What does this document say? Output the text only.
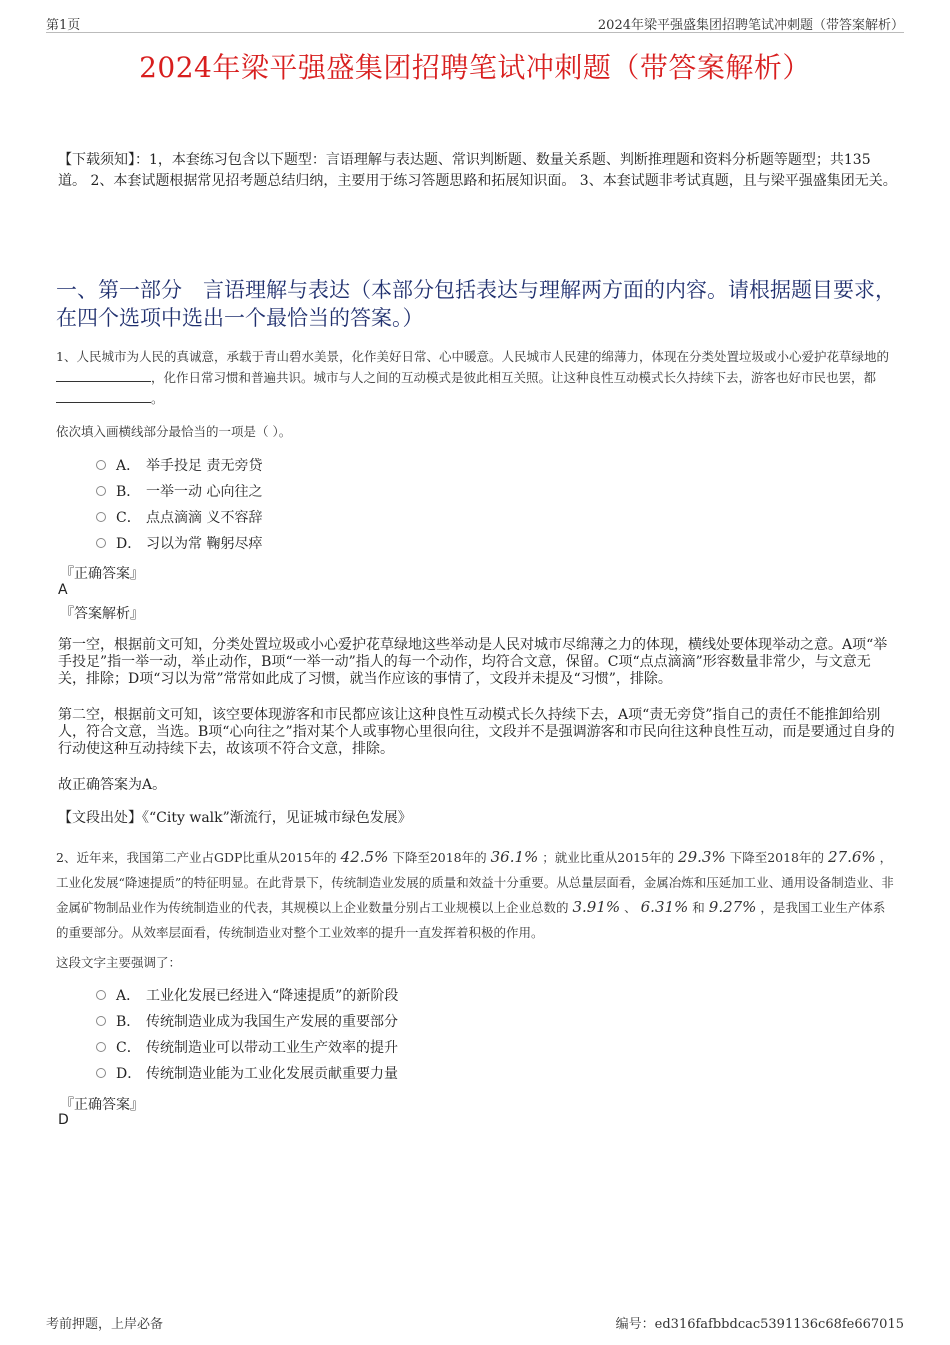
第1页	2024年梁平强盛集团招聘笔试冲刺题（带答案解析）
2024年梁平强盛集团招聘笔试冲刺题（带答案解析）
【下载须知】：1，本套练习包含以下题型：言语理解与表达题、常识判断题、数量关系题、判断推理题和资料分析题等题型；共135道。 2、本套试题根据常见招考题总结归纳，主要用于练习答题思路和拓展知识面。 3、本套试题非考试真题，且与梁平强盛集团无关。
一、第一部分　言语理解与表达（本部分包括表达与理解两方面的内容。请根据题目要求，在四个选项中选出一个最恰当的答案。）
1、人民城市为人民的真诚意，承载于青山碧水美景，化作美好日常、心中暖意。人民城市人民建的绵薄力，体现在分类处置垃圾或小心爱护花草绿地的，化作日常习惯和普遍共识。城市与人之间的互动模式是彼此相互关照。让这种良性互动模式长久持续下去，游客也好市民也罢，都。
依次填入画横线部分最恰当的一项是（ ）。
A． 举手投足 责无旁贷
B． 一举一动 心向往之
C． 点点滴滴 义不容辞
D． 习以为常 鞠躬尽瘁
『正确答案』
A
『答案解析』
第一空，根据前文可知，分类处置垃圾或小心爱护花草绿地这些举动是人民对城市尽绵薄之力的体现，横线处要体现举动之意。A项“举手投足”指一举一动，举止动作，B项“一举一动”指人的每一个动作，均符合文意，保留。C项“点点滴滴”形容数量非常少，与文意无关，排除；D项“习以为常”常常如此成了习惯，就当作应该的事情了，文段并未提及“习惯”，排除。
第二空，根据前文可知，该空要体现游客和市民都应该让这种良性互动模式长久持续下去，A项“责无旁贷”指自己的责任不能推卸给别人，符合文意，当选。B项“心向往之”指对某个人或事物心里很向往，文段并不是强调游客和市民向往这种良性互动，而是要通过自身的行动使这种互动持续下去，故该项不符合文意，排除。
故正确答案为A。
【文段出处】《“City walk”渐流行，见证城市绿色发展》
2、近年来，我国第二产业占GDP比重从2015年的 42.5% 下降至2018年的 36.1% ；就业比重从2015年的 29.3% 下降至2018年的 27.6% ，工业化发展“降速提质”的特征明显。在此背景下，传统制造业发展的质量和效益十分重要。从总量层面看，金属冶炼和压延加工业、通用设备制造业、非金属矿物制品业作为传统制造业的代表，其规模以上企业数量分别占工业规模以上企业总数的 3.91% 、 6.31% 和 9.27% ，是我国工业生产体系的重要部分。从效率层面看，传统制造业对整个工业效率的提升一直发挥着积极的作用。
这段文字主要强调了：
A． 工业化发展已经进入“降速提质”的新阶段
B． 传统制造业成为我国生产发展的重要部分
C． 传统制造业可以带动工业生产效率的提升
D． 传统制造业能为工业化发展贡献重要力量
『正确答案』
D
考前押题，上岸必备	编号：ed316fafbbdcac5391136c68fe667015
